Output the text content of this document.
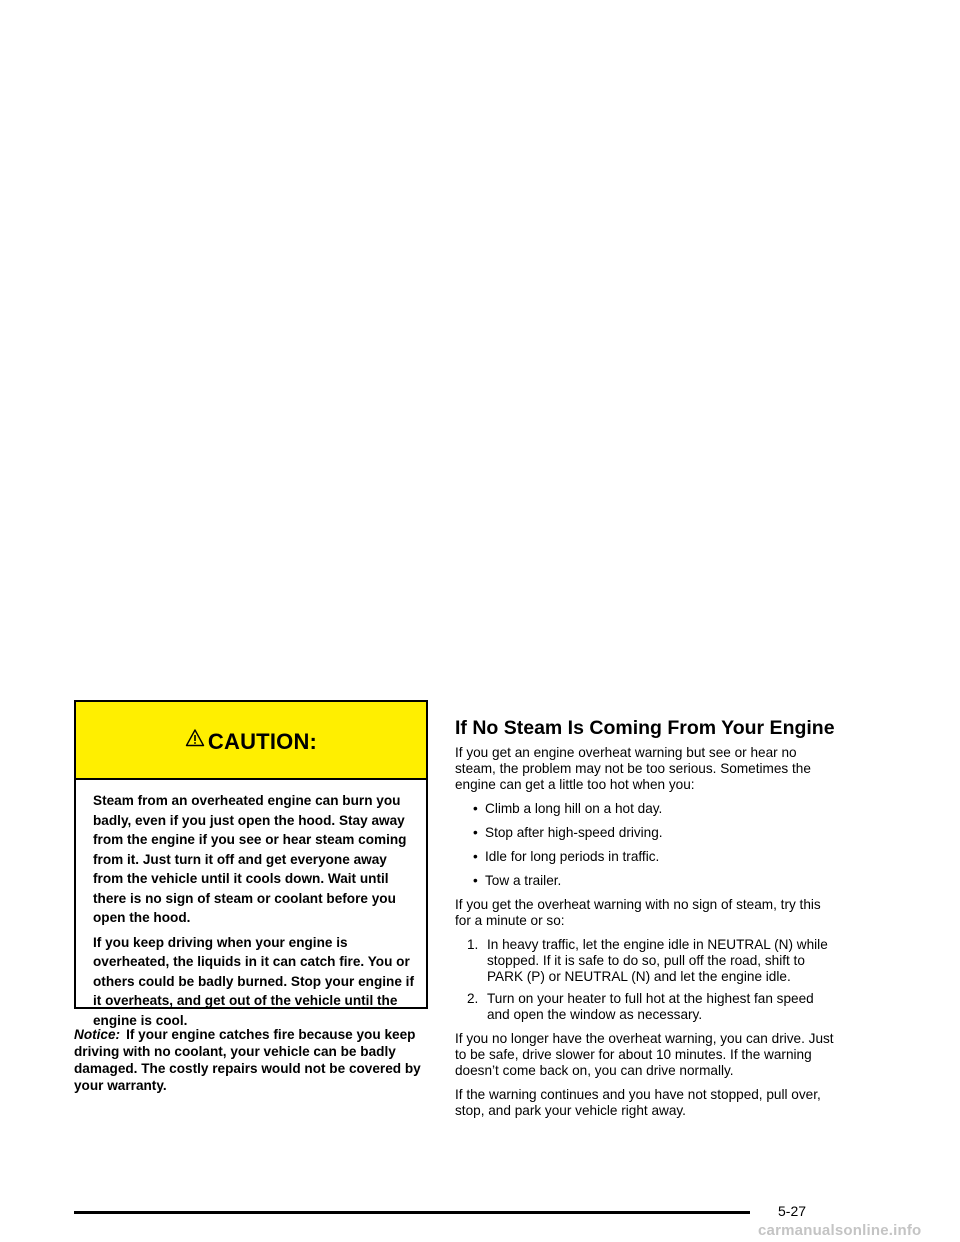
CAUTION:

Steam from an overheated engine can burn you badly, even if you just open the hood. Stay away from the engine if you see or hear steam coming from it. Just turn it off and get everyone away from the vehicle until it cools down. Wait until there is no sign of steam or coolant before you open the hood.

If you keep driving when your engine is overheated, the liquids in it can catch fire. You or others could be badly burned. Stop your engine if it overheats, and get out of the vehicle until the engine is cool.

Notice: If your engine catches fire because you keep driving with no coolant, your vehicle can be badly damaged. The costly repairs would not be covered by your warranty.

If No Steam Is Coming From Your Engine

If you get an engine overheat warning but see or hear no steam, the problem may not be too serious. Sometimes the engine can get a little too hot when you:

• Climb a long hill on a hot day.
• Stop after high-speed driving.
• Idle for long periods in traffic.
• Tow a trailer.

If you get the overheat warning with no sign of steam, try this for a minute or so:

1. In heavy traffic, let the engine idle in NEUTRAL (N) while stopped. If it is safe to do so, pull off the road, shift to PARK (P) or NEUTRAL (N) and let the engine idle.
2. Turn on your heater to full hot at the highest fan speed and open the window as necessary.

If you no longer have the overheat warning, you can drive. Just to be safe, drive slower for about 10 minutes. If the warning doesn’t come back on, you can drive normally.

If the warning continues and you have not stopped, pull over, stop, and park your vehicle right away.

5-27
carmanualsonline.info
